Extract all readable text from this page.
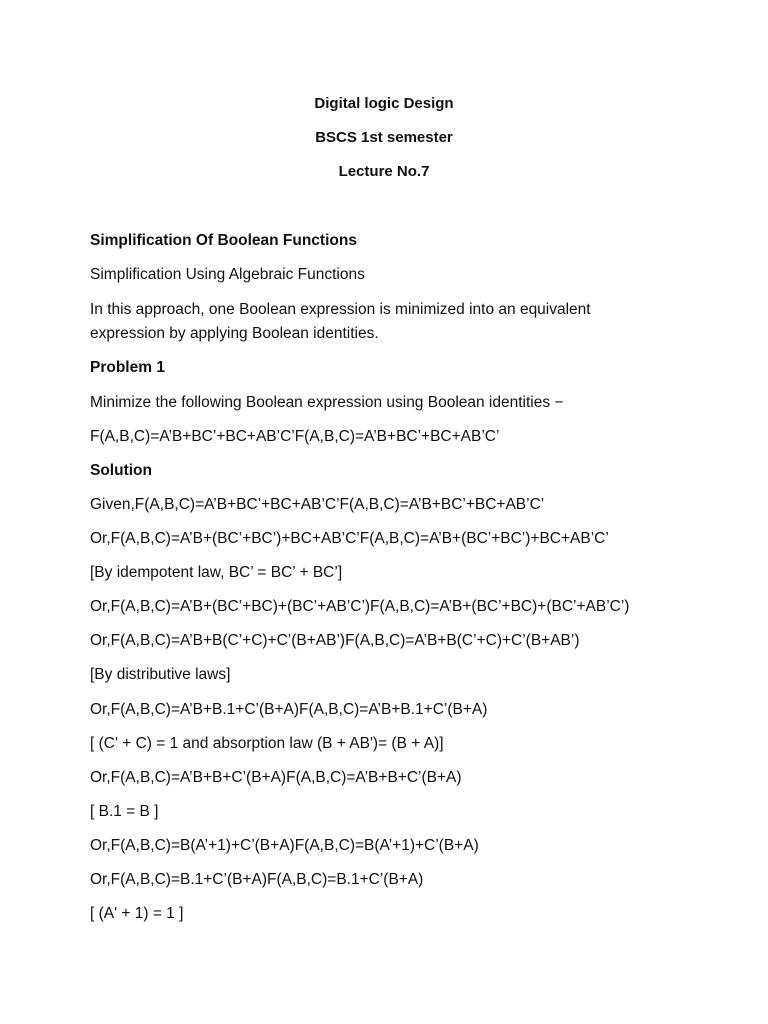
Digital logic Design
BSCS 1st semester
Lecture No.7
Simplification Of Boolean Functions
Simplification Using Algebraic Functions
In this approach, one Boolean expression is minimized into an equivalent expression by applying Boolean identities.
Problem 1
Minimize the following Boolean expression using Boolean identities −
F(A,B,C)=A’B+BC’+BC+AB’C’F(A,B,C)=A’B+BC’+BC+AB’C’
Solution
Given,F(A,B,C)=A’B+BC’+BC+AB’C’F(A,B,C)=A’B+BC’+BC+AB’C’
Or,F(A,B,C)=A’B+(BC’+BC’)+BC+AB’C’F(A,B,C)=A’B+(BC’+BC’)+BC+AB’C’
[By idempotent law, BC’ = BC’ + BC’]
Or,F(A,B,C)=A’B+(BC’+BC)+(BC’+AB’C’)F(A,B,C)=A’B+(BC’+BC)+(BC’+AB’C’)
Or,F(A,B,C)=A’B+B(C’+C)+C’(B+AB’)F(A,B,C)=A’B+B(C’+C)+C’(B+AB’)
[By distributive laws]
Or,F(A,B,C)=A’B+B.1+C’(B+A)F(A,B,C)=A’B+B.1+C’(B+A)
[ (C' + C) = 1 and absorption law (B + AB')= (B + A)]
Or,F(A,B,C)=A’B+B+C’(B+A)F(A,B,C)=A’B+B+C’(B+A)
[ B.1 = B ]
Or,F(A,B,C)=B(A’+1)+C’(B+A)F(A,B,C)=B(A’+1)+C’(B+A)
Or,F(A,B,C)=B.1+C’(B+A)F(A,B,C)=B.1+C’(B+A)
[ (A' + 1) = 1 ]
